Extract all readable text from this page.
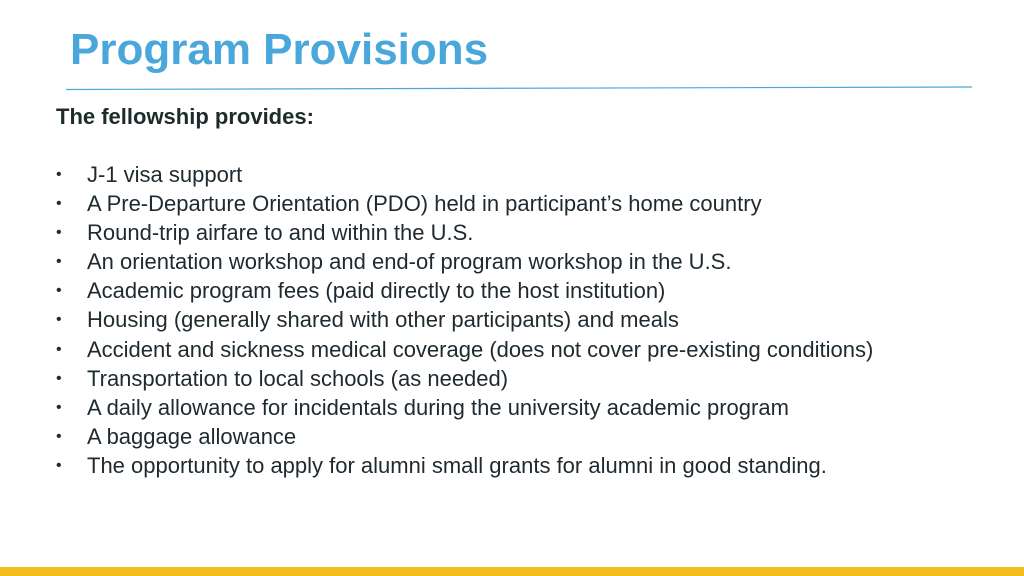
Program Provisions

The fellowship provides:

• J-1 visa support
• A Pre-Departure Orientation (PDO) held in participant’s home country
• Round-trip airfare to and within the U.S.
• An orientation workshop and end-of program workshop in the U.S.
• Academic program fees (paid directly to the host institution)
• Housing (generally shared with other participants) and meals
• Accident and sickness medical coverage (does not cover pre-existing conditions)
• Transportation to local schools (as needed)
• A daily allowance for incidentals during the university academic program
• A baggage allowance
• The opportunity to apply for alumni small grants for alumni in good standing.
